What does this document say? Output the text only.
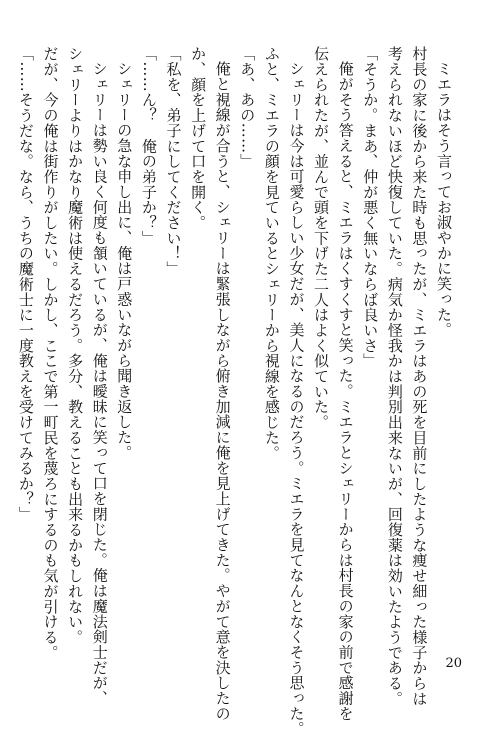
ミエラはそう言ってお淑やかに笑った。
村長の家に後から来た時も思ったが、ミエラはあの死を目前にしたような痩せ細った様子からは
考えられないほど快復していた。病気か怪我かは判別出来ないが、回復薬は効いたようである。
「そうか。まあ、仲が悪く無いならば良いさ」
俺がそう答えると、ミエラはくすくすと笑った。ミエラとシェリーからは村長の家の前で感謝を
伝えられたが、並んで頭を下げた二人はよく似ていた。
シェリーは今は可愛らしい少女だが、美人になるのだろう。ミエラを見てなんとなくそう思った。
ふと、ミエラの顔を見ているとシェリーから視線を感じた。
「あ、あの……」
俺と視線が合うと、シェリーは緊張しながら俯き加減に俺を見上げてきた。やがて意を決したの
か、顔を上げて口を開く。
「私を、弟子にしてください！」
「……ん？　俺の弟子か？」
シェリーの急な申し出に、俺は戸惑いながら聞き返した。
シェリーは勢い良く何度も頷いているが、俺は曖昧に笑って口を閉じた。俺は魔法剣士だが、
シェリーよりはかなり魔術は使えるだろう。多分、教えることも出来るかもしれない。
だが、今の俺は街作りがしたい。しかし、ここで第一町民を蔑ろにするのも気が引ける。
「……そうだな。なら、うちの魔術士に一度教えを受けてみるか？」
20
